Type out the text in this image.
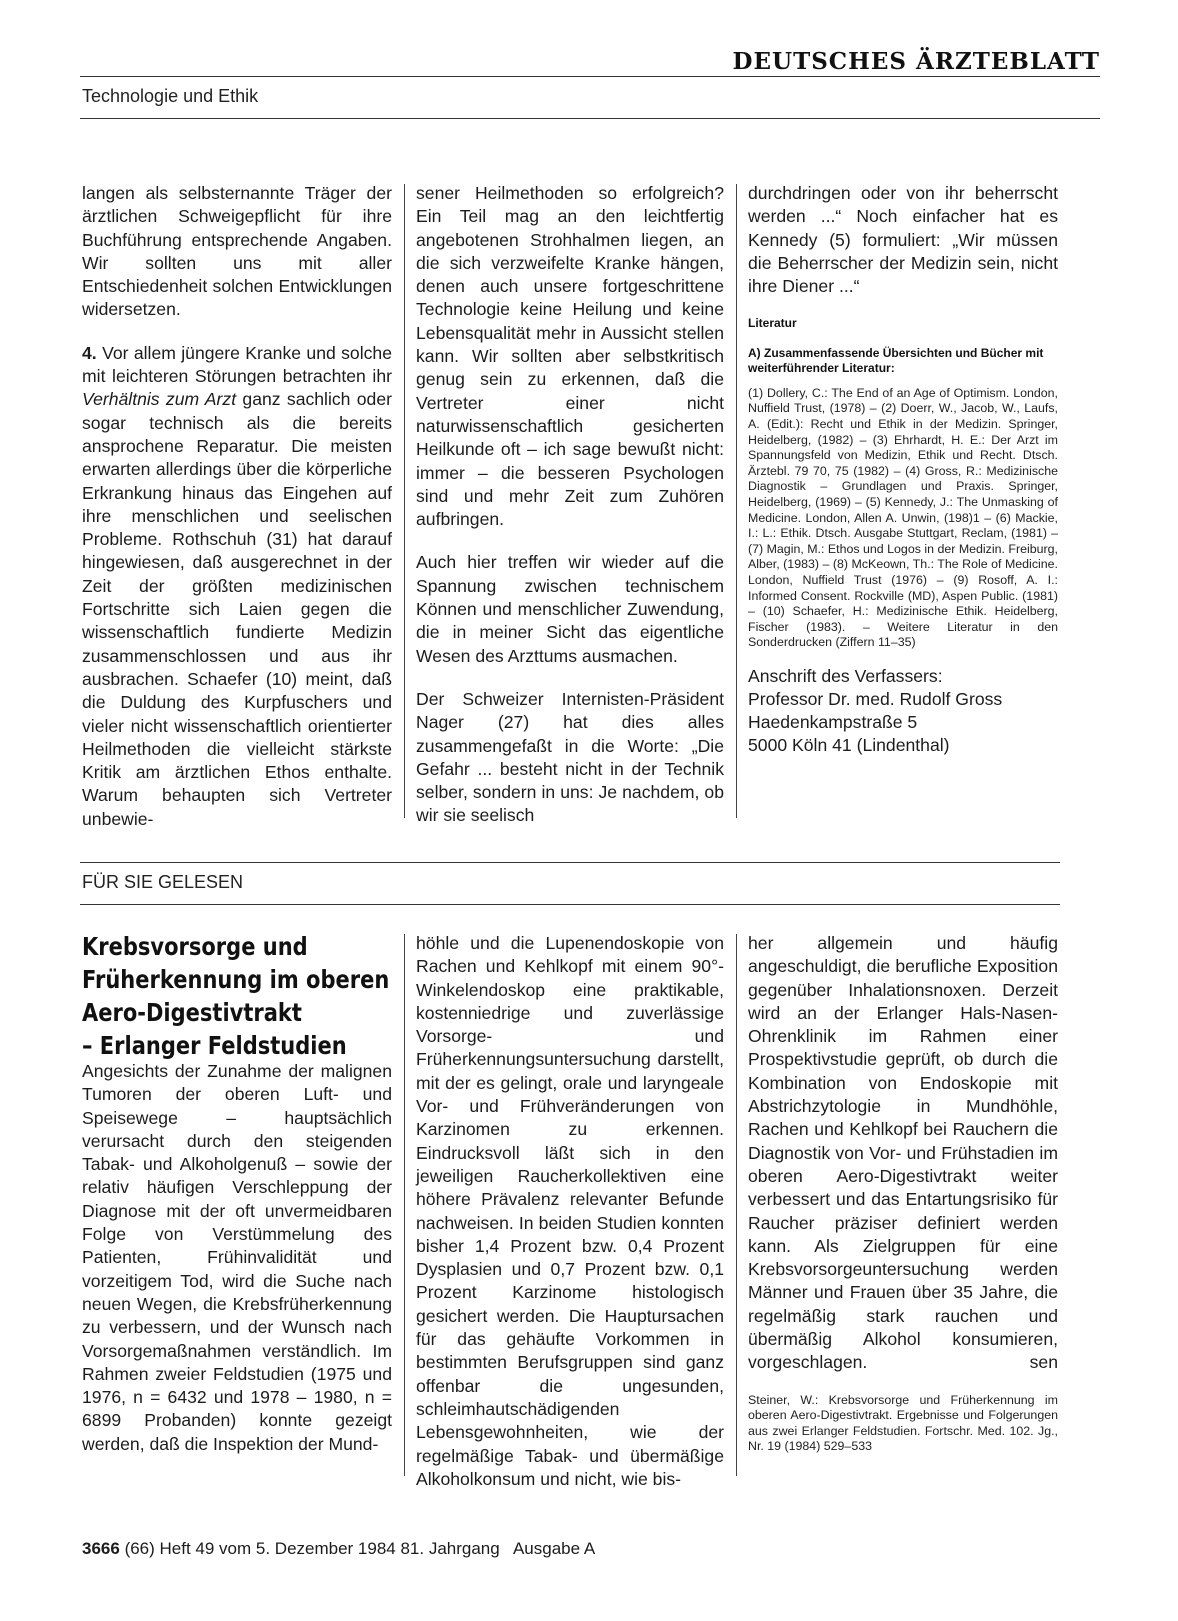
DEUTSCHES ÄRZTEBLATT
Technologie und Ethik

langen als selbsternannte Träger der ärztlichen Schweigepflicht für ihre Buchführung entsprechende Angaben. Wir sollten uns mit aller Entschiedenheit solchen Entwicklungen widersetzen.

4. Vor allem jüngere Kranke und solche mit leichteren Störungen betrachten ihr Verhältnis zum Arzt ganz sachlich oder sogar technisch als die bereits ansprochene Reparatur. Die meisten erwarten allerdings über die körperliche Erkrankung hinaus das Eingehen auf ihre menschlichen und seelischen Probleme. Rothschuh (31) hat darauf hingewiesen, daß ausgerechnet in der Zeit der größten medizinischen Fortschritte sich Laien gegen die wissenschaftlich fundierte Medizin zusammenschlossen und aus ihr ausbrachen. Schaefer (10) meint, daß die Duldung des Kurpfuschers und vieler nicht wissenschaftlich orientierter Heilmethoden die vielleicht stärkste Kritik am ärztlichen Ethos enthalte. Warum behaupten sich Vertreter unbewie-

sener Heilmethoden so erfolgreich? Ein Teil mag an den leichtfertig angebotenen Strohhalmen liegen, an die sich verzweifelte Kranke hängen, denen auch unsere fortgeschrittene Technologie keine Heilung und keine Lebensqualität mehr in Aussicht stellen kann. Wir sollten aber selbstkritisch genug sein zu erkennen, daß die Vertreter einer nicht naturwissenschaftlich gesicherten Heilkunde oft – ich sage bewußt nicht: immer – die besseren Psychologen sind und mehr Zeit zum Zuhören aufbringen.

Auch hier treffen wir wieder auf die Spannung zwischen technischem Können und menschlicher Zuwendung, die in meiner Sicht das eigentliche Wesen des Arzttums ausmachen.

Der Schweizer Internisten-Präsident Nager (27) hat dies alles zusammengefaßt in die Worte: „Die Gefahr ... besteht nicht in der Technik selber, sondern in uns: Je nachdem, ob wir sie seelisch

durchdringen oder von ihr beherrscht werden ...“ Noch einfacher hat es Kennedy (5) formuliert: „Wir müssen die Beherrscher der Medizin sein, nicht ihre Diener ...“

Literatur
A) Zusammenfassende Übersichten und Bücher mit weiterführender Literatur:
(1) Dollery, C.: The End of an Age of Optimism. London, Nuffield Trust, (1978) – (2) Doerr, W., Jacob, W., Laufs, A. (Edit.): Recht und Ethik in der Medizin. Springer, Heidelberg, (1982) – (3) Ehrhardt, H. E.: Der Arzt im Spannungsfeld von Medizin, Ethik und Recht. Dtsch. Ärztebl. 79 70, 75 (1982) – (4) Gross, R.: Medizinische Diagnostik – Grundlagen und Praxis. Springer, Heidelberg, (1969) – (5) Kennedy, J.: The Unmasking of Medicine. London, Allen A. Unwin, (198)1 – (6) Mackie, I.: L.: Ethik. Dtsch. Ausgabe Stuttgart, Reclam, (1981) – (7) Magin, M.: Ethos und Logos in der Medizin. Freiburg, Alber, (1983) – (8) McKeown, Th.: The Role of Medicine. London, Nuffield Trust (1976) – (9) Rosoff, A. I.: Informed Consent. Rockville (MD), Aspen Public. (1981) – (10) Schaefer, H.: Medizinische Ethik. Heidelberg, Fischer (1983). – Weitere Literatur in den Sonderdrucken (Ziffern 11–35)
Anschrift des Verfassers:
Professor Dr. med. Rudolf Gross
Haedenkampstraße 5
5000 Köln 41 (Lindenthal)
FÜR SIE GELESEN
Krebsvorsorge und
Früherkennung im oberen
Aero-Digestivtrakt
– Erlanger Feldstudien

Angesichts der Zunahme der malignen Tumoren der oberen Luft- und Speisewege – hauptsächlich verursacht durch den steigenden Tabak- und Alkoholgenuß – sowie der relativ häufigen Verschleppung der Diagnose mit der oft unvermeidbaren Folge von Verstümmelung des Patienten, Frühinvalidität und vorzeitigem Tod, wird die Suche nach neuen Wegen, die Krebsfrüherkennung zu verbessern, und der Wunsch nach Vorsorgemaßnahmen verständlich. Im Rahmen zweier Feldstudien (1975 und 1976, n = 6432 und 1978 – 1980, n = 6899 Probanden) konnte gezeigt werden, daß die Inspektion der Mund-

höhle und die Lupenendoskopie von Rachen und Kehlkopf mit einem 90°-Winkelendoskop eine praktikable, kostenniedrige und zuverlässige Vorsorge- und Früherkennungsuntersuchung darstellt, mit der es gelingt, orale und laryngeale Vor- und Frühveränderungen von Karzinomen zu erkennen. Eindrucksvoll läßt sich in den jeweiligen Raucherkollektiven eine höhere Prävalenz relevanter Befunde nachweisen. In beiden Studien konnten bisher 1,4 Prozent bzw. 0,4 Prozent Dysplasien und 0,7 Prozent bzw. 0,1 Prozent Karzinome histologisch gesichert werden. Die Hauptursachen für das gehäufte Vorkommen in bestimmten Berufsgruppen sind ganz offenbar die ungesunden, schleimhautschädigenden Lebensgewohnheiten, wie der regelmäßige Tabak- und übermäßige Alkoholkonsum und nicht, wie bis-

her allgemein und häufig angeschuldigt, die berufliche Exposition gegenüber Inhalationsnoxen. Derzeit wird an der Erlanger Hals-Nasen-Ohrenklinik im Rahmen einer Prospektivstudie geprüft, ob durch die Kombination von Endoskopie mit Abstrichzytologie in Mundhöhle, Rachen und Kehlkopf bei Rauchern die Diagnostik von Vor- und Frühstadien im oberen Aero-Digestivtrakt weiter verbessert und das Entartungsrisiko für Raucher präziser definiert werden kann. Als Zielgruppen für eine Krebsvorsorgeuntersuchung werden Männer und Frauen über 35 Jahre, die regelmäßig stark rauchen und übermäßig Alkohol konsumieren, vorgeschlagen.	sen

Steiner, W.: Krebsvorsorge und Früherkennung im oberen Aero-Digestivtrakt. Ergebnisse und Folgerungen aus zwei Erlanger Feldstudien. Fortschr. Med. 102. Jg., Nr. 19 (1984) 529–533
3666 (66) Heft 49 vom 5. Dezember 1984 81. Jahrgang   Ausgabe A
